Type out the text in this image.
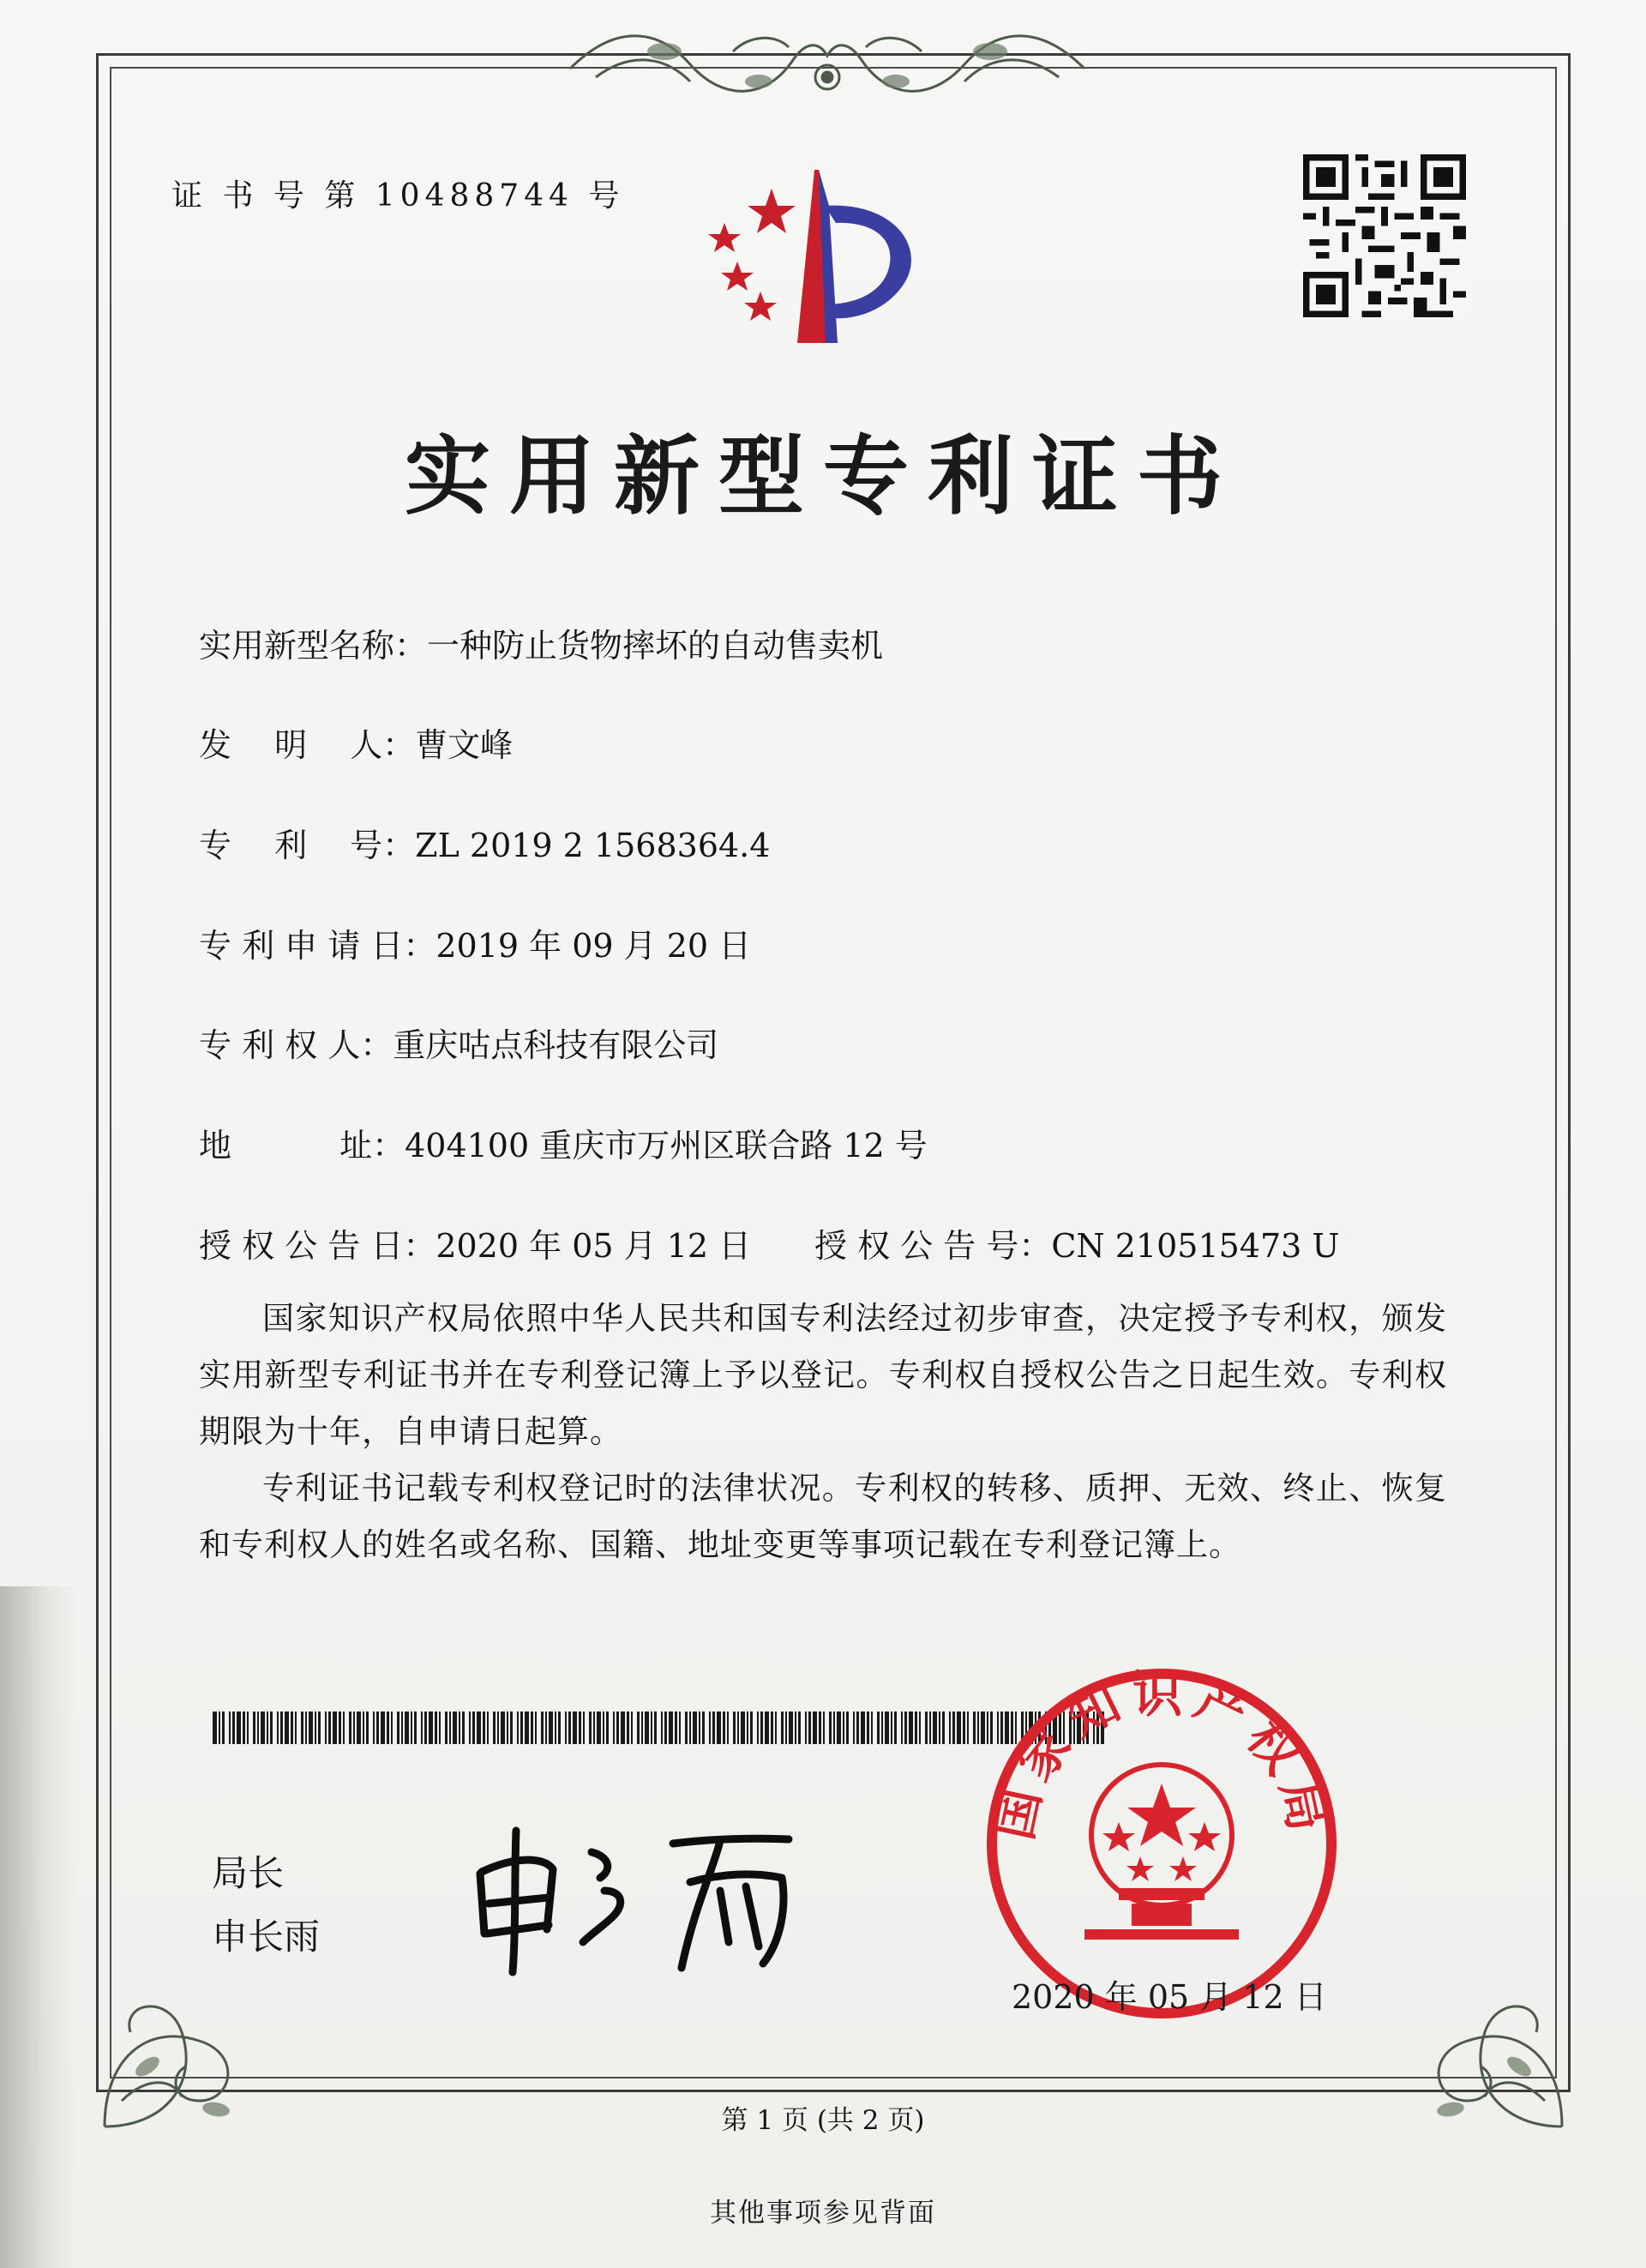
证 书 号 第 10488744 号
实用新型专利证书
实用新型名称：一种防止货物摔坏的自动售卖机
发　 明　 人：曹文峰
专　 利　 号：ZL 2019 2 1568364.4
专 利 申 请 日：2019 年 09 月 20 日
专 利 权 人：重庆咕点科技有限公司
地　　　 址：404100 重庆市万州区联合路 12 号
授 权 公 告 日：2020 年 05 月 12 日 授 权 公 告 号：CN 210515473 U

国家知识产权局依照中华人民共和国专利法经过初步审查，决定授予专利权，颁发实用新型专利证书并在专利登记簿上予以登记。专利权自授权公告之日起生效。专利权期限为十年，自申请日起算。

专利证书记载专利权登记时的法律状况。专利权的转移、质押、无效、终止、恢复和专利权人的姓名或名称、国籍、地址变更等事项记载在专利登记簿上。

局长
申长雨
国家知识产权局
2020 年 05 月 12 日
第 1 页 (共 2 页)
其他事项参见背面
